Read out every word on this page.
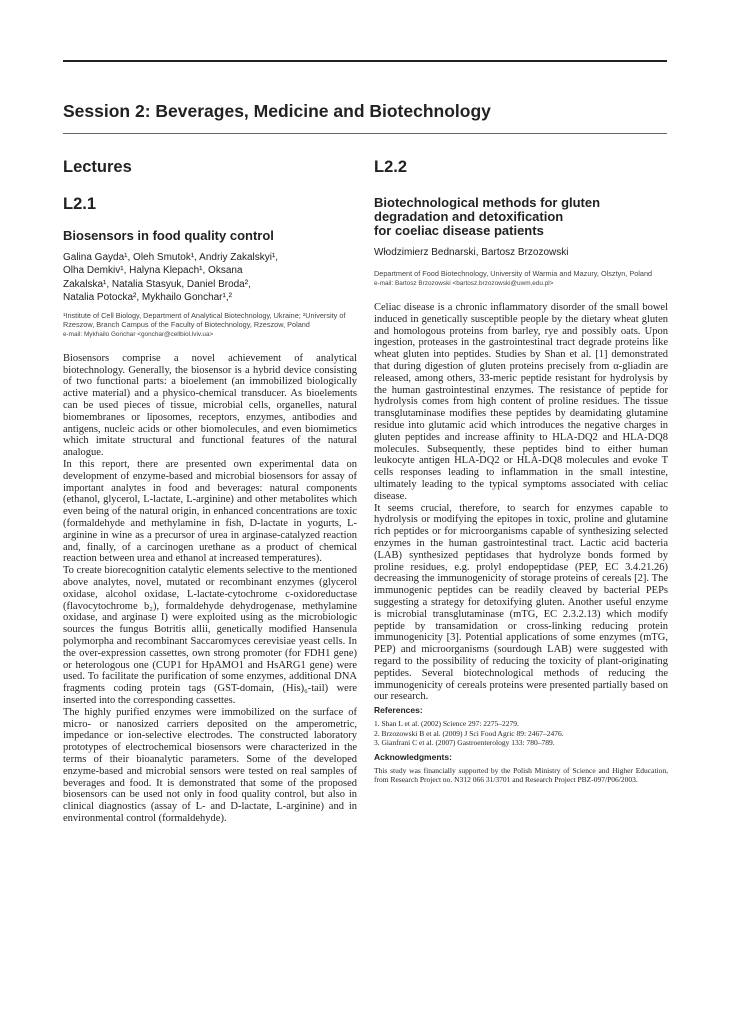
Session 2: Beverages, Medicine and Biotechnology
Lectures
L2.1
Biosensors in food quality control
Galina Gayda¹, Oleh Smutok¹, Andriy Zakalskyi¹,
Olha Demkiv¹, Halyna Klepach¹, Oksana
Zakalska¹, Natalia Stasyuk, Daniel Broda²,
Natalia Potocka², Mykhailo Gonchar¹,²

¹Institute of Cell Biology, Department of Analytical Biotechnology, Ukraine; ²University of Rzeszow, Branch Campus of the Faculty of Biotechnology, Rzeszow, Poland

e-mail: Mykhailo Gonchar <gonchar@cellbiol.lviv.ua>

Biosensors comprise a novel achievement of analytical biotechnology. Generally, the biosensor is a hybrid device consisting of two functional parts: a bioelement (an immobilized biologically active material) and a physico-chemical transducer. As bioelements can be used pieces of tissue, microbial cells, organelles, natural biomembranes or liposomes, receptors, enzymes, antibodies and antigens, nucleic acids or other biomolecules, and even biomimetics which imitate structural and functional features of the natural analogue.

In this report, there are presented own experimental data on development of enzyme-based and microbial biosensors for assay of important analytes in food and beverages: natural components (ethanol, glycerol, L-lactate, L-arginine) and other metabolites which even being of the natural origin, in enhanced concentrations are toxic (formaldehyde and methylamine in fish, D-lactate in yogurts, L-arginine in wine as a precursor of urea in arginase-catalyzed reaction and, finally, of a carcinogen urethane as a product of chemical reaction between urea and ethanol at increased temperatures).

To create biorecognition catalytic elements selective to the mentioned above analytes, novel, mutated or recombinant enzymes (glycerol oxidase, alcohol oxidase, L-lactate-cytochrome c-oxidoreductase (flavocytochrome b₂), formaldehyde dehydrogenase, methylamine oxidase, and arginase I) were exploited using as the microbiologic sources the fungus Botritis allii, genetically modified Hansenula polymorpha and recombinant Saccaromyces cerevisiae yeast cells. In the over-expression cassettes, own strong promoter (for FDH1 gene) or heterologous one (CUP1 for HpAMO1 and HsARG1 gene) were used. To facilitate the purification of some enzymes, additional DNA fragments coding protein tags (GST-domain, (His)₆-tail) were inserted into the corresponding cassettes.

The highly purified enzymes were immobilized on the surface of micro- or nanosized carriers deposited on the amperometric, impedance or ion-selective electrodes. The constructed laboratory prototypes of electrochemical biosensors were characterized in the terms of their bioanalytic parameters. Some of the developed enzyme-based and microbial sensors were tested on real samples of beverages and food. It is demonstrated that some of the proposed biosensors can be used not only in food quality control, but also in clinical diagnostics (assay of L- and D-lactate, L-arginine) and in environmental control (formaldehyde).

L2.2
Biotechnological methods for gluten
degradation and detoxification
for coeliac disease patients
Włodzimierz Bednarski, Bartosz Brzozowski

Department of Food Biotechnology, University of Warmia and Mazury, Olsztyn, Poland

e-mail: Bartosz Brzozowski <bartosz.brzozowski@uwm.edu.pl>

Celiac disease is a chronic inflammatory disorder of the small bowel induced in genetically susceptible people by the dietary wheat gluten and homologous proteins from barley, rye and possibly oats. Upon ingestion, proteases in the gastrointestinal tract degrade proteins like wheat gluten into peptides. Studies by Shan et al. [1] demonstrated that during digestion of gluten proteins precisely from α-gliadin are released, among others, 33-meric peptide resistant for hydrolysis by the human gastrointestinal enzymes. The resistance of peptide for hydrolysis comes from high content of proline residues. The tissue transglutaminase modifies these peptides by deamidating glutamine residue into glutamic acid which introduces the negative charges in gluten peptides and increase affinity to HLA-DQ2 and HLA-DQ8 molecules. Subsequently, these peptides bind to either human leukocyte antigen HLA-DQ2 or HLA-DQ8 molecules and evoke T cells responses leading to inflammation in the small intestine, ultimately leading to the typical symptoms associated with celiac disease.

It seems crucial, therefore, to search for enzymes capable to hydrolysis or modifying the epitopes in toxic, proline and glutamine rich peptides or for microorganisms capable of synthesizing selected enzymes in the human gastrointestinal tract. Lactic acid bacteria (LAB) synthesized peptidases that hydrolyze bonds formed by proline residues, e.g. prolyl endopeptidase (PEP, EC 3.4.21.26) decreasing the immunogenicity of storage proteins of cereals [2]. The immunogenic peptides can be readily cleaved by bacterial PEPs suggesting a strategy for detoxifying gluten. Another useful enzyme is microbial transglutaminase (mTG, EC 2.3.2.13) which modify peptide by transamidation or cross-linking reducing protein immunogenicity [3]. Potential applications of some enzymes (mTG, PEP) and microorganisms (sourdough LAB) were suggested with regard to the possibility of reducing the toxicity of plant-originating peptides. Several biotechnological methods of reducing the immunogenicity of cereals proteins were presented partially based on our research.

References:
1. Shan L et al. (2002) Science 297: 2275–2279.
2. Brzozowski B et al. (2009) J Sci Food Agric 89: 2467–2476.
3. Gianfrani C et al. (2007) Gastroenterology 133: 780–789.
Acknowledgments:

This study was financially supported by the Polish Ministry of Science and Higher Education, from Research Project no. N312 066 31/3701 and Research Project PBZ-097/P06/2003.
